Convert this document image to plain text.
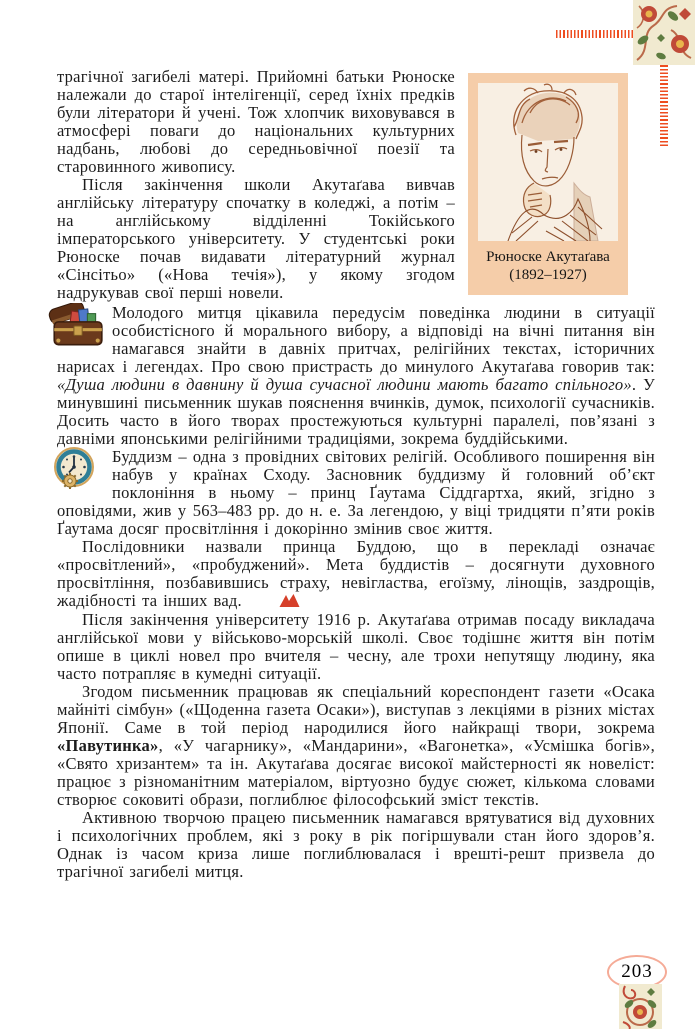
Рюноске Акутаґава
(1892–1927)

трагічної загибелі матері. Прийомні батьки Рюноске належали до старої інтелігенції, серед їхніх предків були літератори й учені. Тож хлопчик виховувався в атмосфері поваги до національних культурних надбань, любові до середньовічної поезії та старовинного живопису.

Після закінчення школи Акутаґава вивчав англійську літературу спочатку в коледжі, а потім – на англійському відділенні Токійського імператорського університету. У студентські роки Рюноске почав видавати літературний журнал «Сінсітьо» («Нова течія»), у якому згодом надрукував свої перші новели.

Молодого митця цікавила передусім поведінка людини в ситуації особистісного й морального вибору, а відповіді на вічні питання він намагався знайти в давніх притчах, релігійних текстах, історичних нарисах і легендах. Про свою пристрасть до минулого Акутаґава говорив так: «Душа людини в давнину й душа сучасної людини мають багато спільного». У минувшині письменник шукав пояснення вчинків, думок, психології сучасників. Досить часто в його творах простежуються культурні паралелі, пов’язані з давніми японськими релігійними традиціями, зокрема буддійськими.

Буддизм – одна з провідних світових релігій. Особливого поширення він набув у країнах Сходу. Засновник буддизму й головний об’єкт поклоніння в ньому – принц Ґаутама Сіддгартха, який, згідно з оповідями, жив у 563–483 рр. до н. е. За легендою, у віці тридцяти п’яти років Ґаутама досяг просвітління і докорінно змінив своє життя.

Послідовники назвали принца Буддою, що в перекладі означає «просвітлений», «пробуджений». Мета буддистів – досягнути духовного просвітління, позбавившись страху, невігластва, егоїзму, лінощів, заздрощів, жадібності та інших вад.

Після закінчення університету 1916 р. Акутаґава отримав посаду викладача англійської мови у військово-морській школі. Своє тодішнє життя він потім опише в циклі новел про вчителя – чесну, але трохи непутящу людину, яка часто потрапляє в кумедні ситуації.

Згодом письменник працював як спеціальний кореспондент газети «Осака майніті сімбун» («Щоденна газета Осаки»), виступав з лекціями в різних містах Японії. Саме в той період народилися його найкращі твори, зокрема «Павутинка», «У чагарнику», «Мандарини», «Вагонетка», «Усмішка богів», «Свято хризантем» та ін. Акутаґава досягає високої майстерності як новеліст: працює з різноманітним матеріалом, віртуозно будує сюжет, кількома словами створює соковиті образи, поглиблює філософський зміст текстів.

Активною творчою працею письменник намагався врятуватися від духовних і психологічних проблем, які з року в рік погіршували стан його здоров’я. Однак із часом криза лише поглиблювалася і врешті-решт призвела до трагічної загибелі митця.

203
